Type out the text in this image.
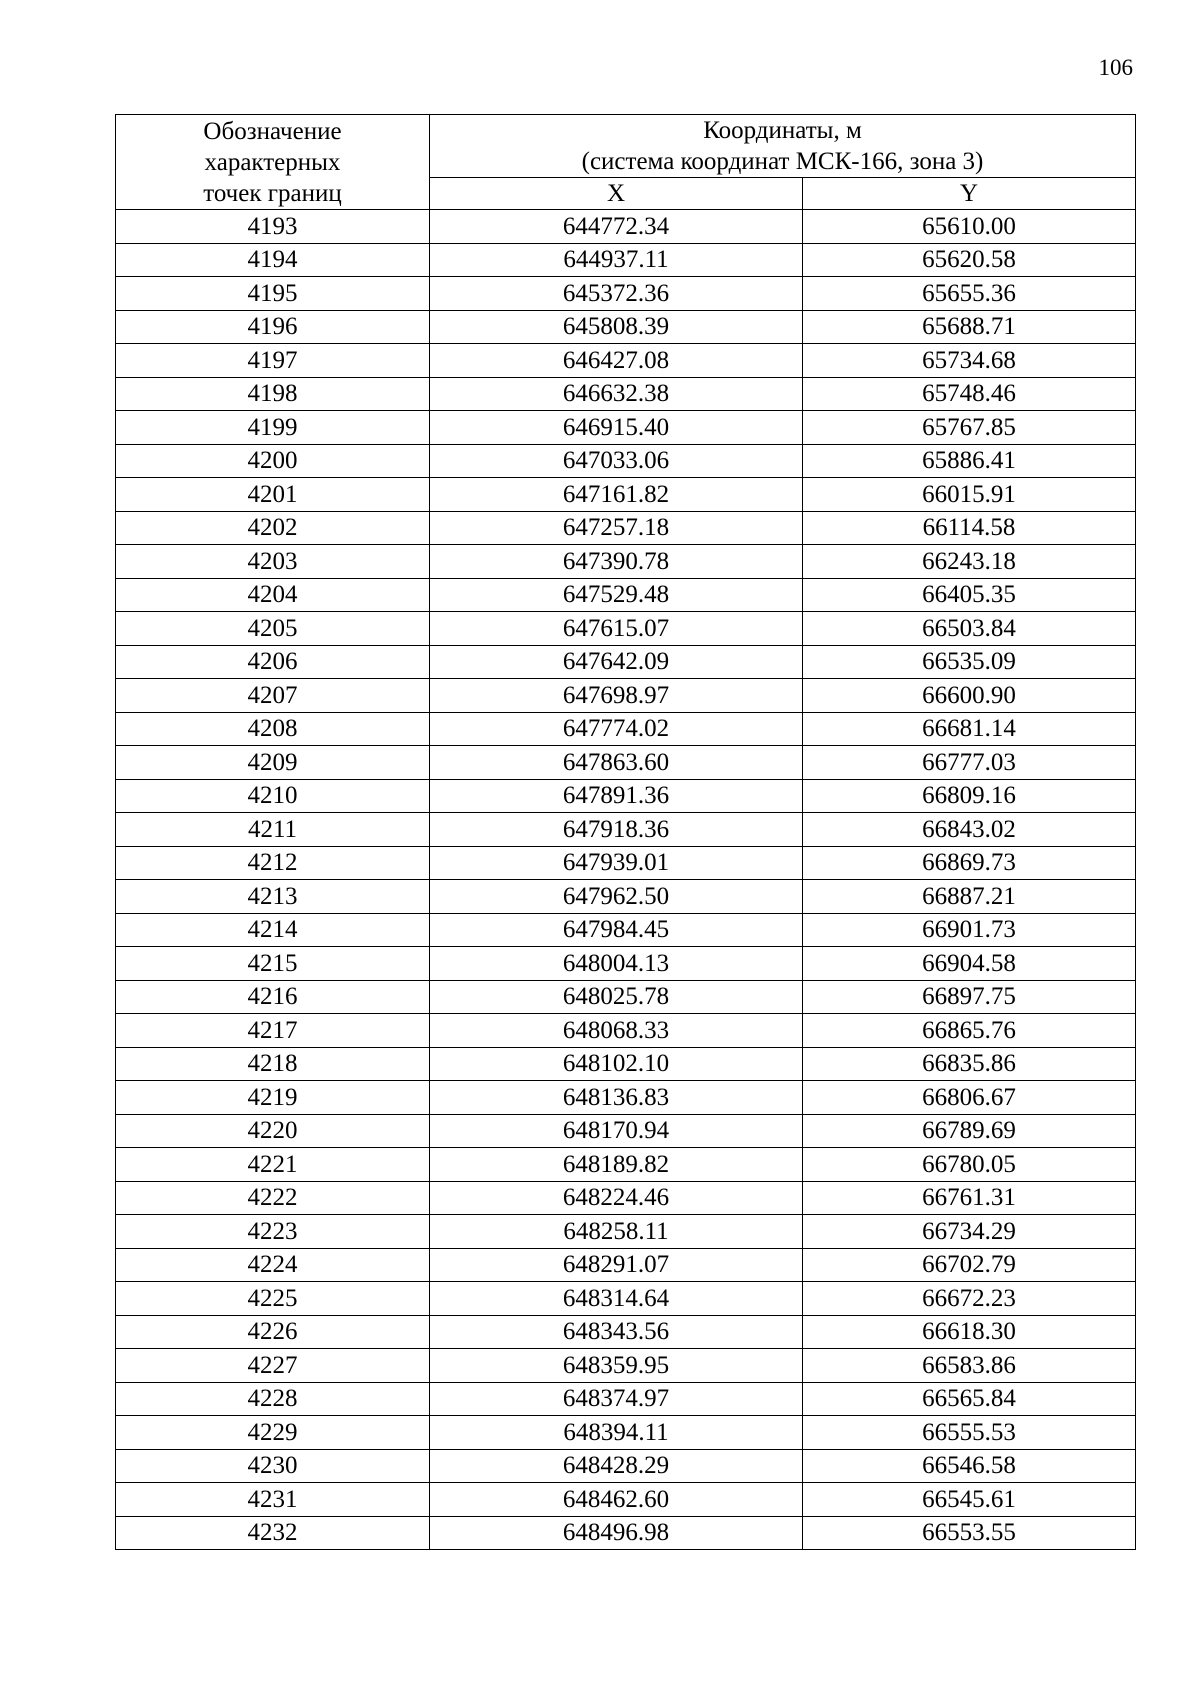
106
Обозначение
характерных
точек границ	Координаты, м
(система координат МСК-166, зона 3)	

	X	Y
4193	644772.34	65610.00
4194	644937.11	65620.58
4195	645372.36	65655.36
4196	645808.39	65688.71
4197	646427.08	65734.68
4198	646632.38	65748.46
4199	646915.40	65767.85
4200	647033.06	65886.41
4201	647161.82	66015.91
4202	647257.18	66114.58
4203	647390.78	66243.18
4204	647529.48	66405.35
4205	647615.07	66503.84
4206	647642.09	66535.09
4207	647698.97	66600.90
4208	647774.02	66681.14
4209	647863.60	66777.03
4210	647891.36	66809.16
4211	647918.36	66843.02
4212	647939.01	66869.73
4213	647962.50	66887.21
4214	647984.45	66901.73
4215	648004.13	66904.58
4216	648025.78	66897.75
4217	648068.33	66865.76
4218	648102.10	66835.86
4219	648136.83	66806.67
4220	648170.94	66789.69
4221	648189.82	66780.05
4222	648224.46	66761.31
4223	648258.11	66734.29
4224	648291.07	66702.79
4225	648314.64	66672.23
4226	648343.56	66618.30
4227	648359.95	66583.86
4228	648374.97	66565.84
4229	648394.11	66555.53
4230	648428.29	66546.58
4231	648462.60	66545.61
4232	648496.98	66553.55
